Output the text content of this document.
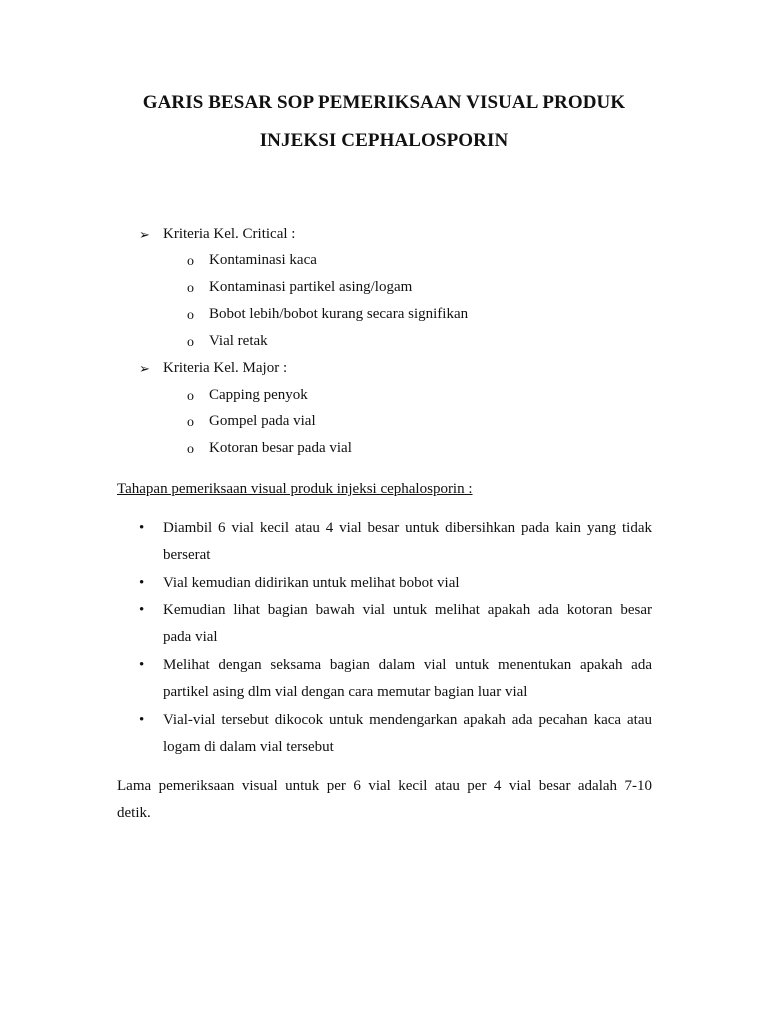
GARIS BESAR SOP PEMERIKSAAN VISUAL PRODUK
INJEKSI CEPHALOSPORIN
➢ Kriteria Kel. Critical :
o Kontaminasi kaca
o Kontaminasi partikel asing/logam
o Bobot lebih/bobot kurang secara signifikan
o Vial retak
➢ Kriteria Kel. Major :
o Capping penyok
o Gompel pada vial
o Kotoran besar pada vial
Tahapan pemeriksaan visual produk injeksi cephalosporin :
• Diambil 6 vial kecil atau 4 vial besar untuk dibersihkan pada kain yang tidak
berserat
• Vial kemudian didirikan untuk melihat bobot vial
• Kemudian lihat bagian bawah vial untuk melihat apakah ada kotoran besar
pada vial
• Melihat dengan seksama bagian dalam vial untuk menentukan apakah ada
partikel asing dlm vial dengan cara memutar bagian luar vial
• Vial-vial tersebut dikocok untuk mendengarkan apakah ada pecahan kaca atau
logam di dalam vial tersebut
Lama pemeriksaan visual untuk per 6 vial kecil atau per 4 vial besar adalah 7-10
detik.
